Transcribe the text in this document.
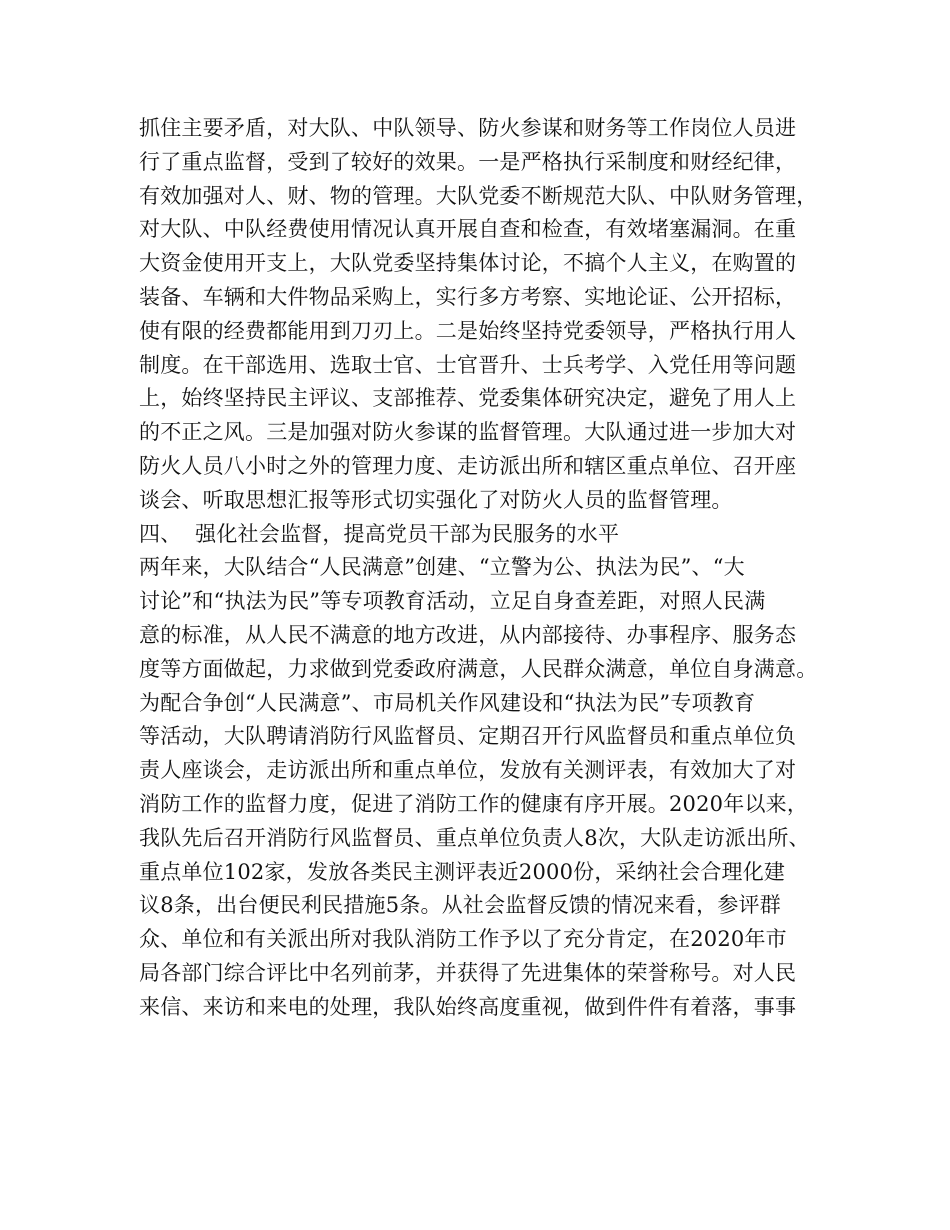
抓住主要矛盾，对大队、中队领导、防火参谋和财务等工作岗位人员进
行了重点监督，受到了较好的效果。一是严格执行采制度和财经纪律，
有效加强对人、财、物的管理。大队党委不断规范大队、中队财务管理，
对大队、中队经费使用情况认真开展自查和检查，有效堵塞漏洞。在重
大资金使用开支上，大队党委坚持集体讨论，不搞个人主义，在购置的
装备、车辆和大件物品采购上，实行多方考察、实地论证、公开招标，
使有限的经费都能用到刀刃上。二是始终坚持党委领导，严格执行用人
制度。在干部选用、选取士官、士官晋升、士兵考学、入党任用等问题
上，始终坚持民主评议、支部推荐、党委集体研究决定，避免了用人上
的不正之风。三是加强对防火参谋的监督管理。大队通过进一步加大对
防火人员八小时之外的管理力度、走访派出所和辖区重点单位、召开座
谈会、听取思想汇报等形式切实强化了对防火人员的监督管理。
四、  强化社会监督，提高党员干部为民服务的水平
两年来，大队结合“人民满意”创建、“立警为公、执法为民”、“大
讨论”和“执法为民”等专项教育活动，立足自身查差距，对照人民满
意的标准，从人民不满意的地方改进，从内部接待、办事程序、服务态
度等方面做起，力求做到党委政府满意，人民群众满意，单位自身满意。
为配合争创“人民满意”、市局机关作风建设和“执法为民”专项教育
等活动，大队聘请消防行风监督员、定期召开行风监督员和重点单位负
责人座谈会，走访派出所和重点单位，发放有关测评表，有效加大了对
消防工作的监督力度，促进了消防工作的健康有序开展。2020年以来，
我队先后召开消防行风监督员、重点单位负责人8次，大队走访派出所、
重点单位102家，发放各类民主测评表近2000份，采纳社会合理化建
议8条，出台便民利民措施5条。从社会监督反馈的情况来看，参评群
众、单位和有关派出所对我队消防工作予以了充分肯定，在2020年市
局各部门综合评比中名列前茅，并获得了先进集体的荣誉称号。对人民
来信、来访和来电的处理，我队始终高度重视，做到件件有着落，事事
